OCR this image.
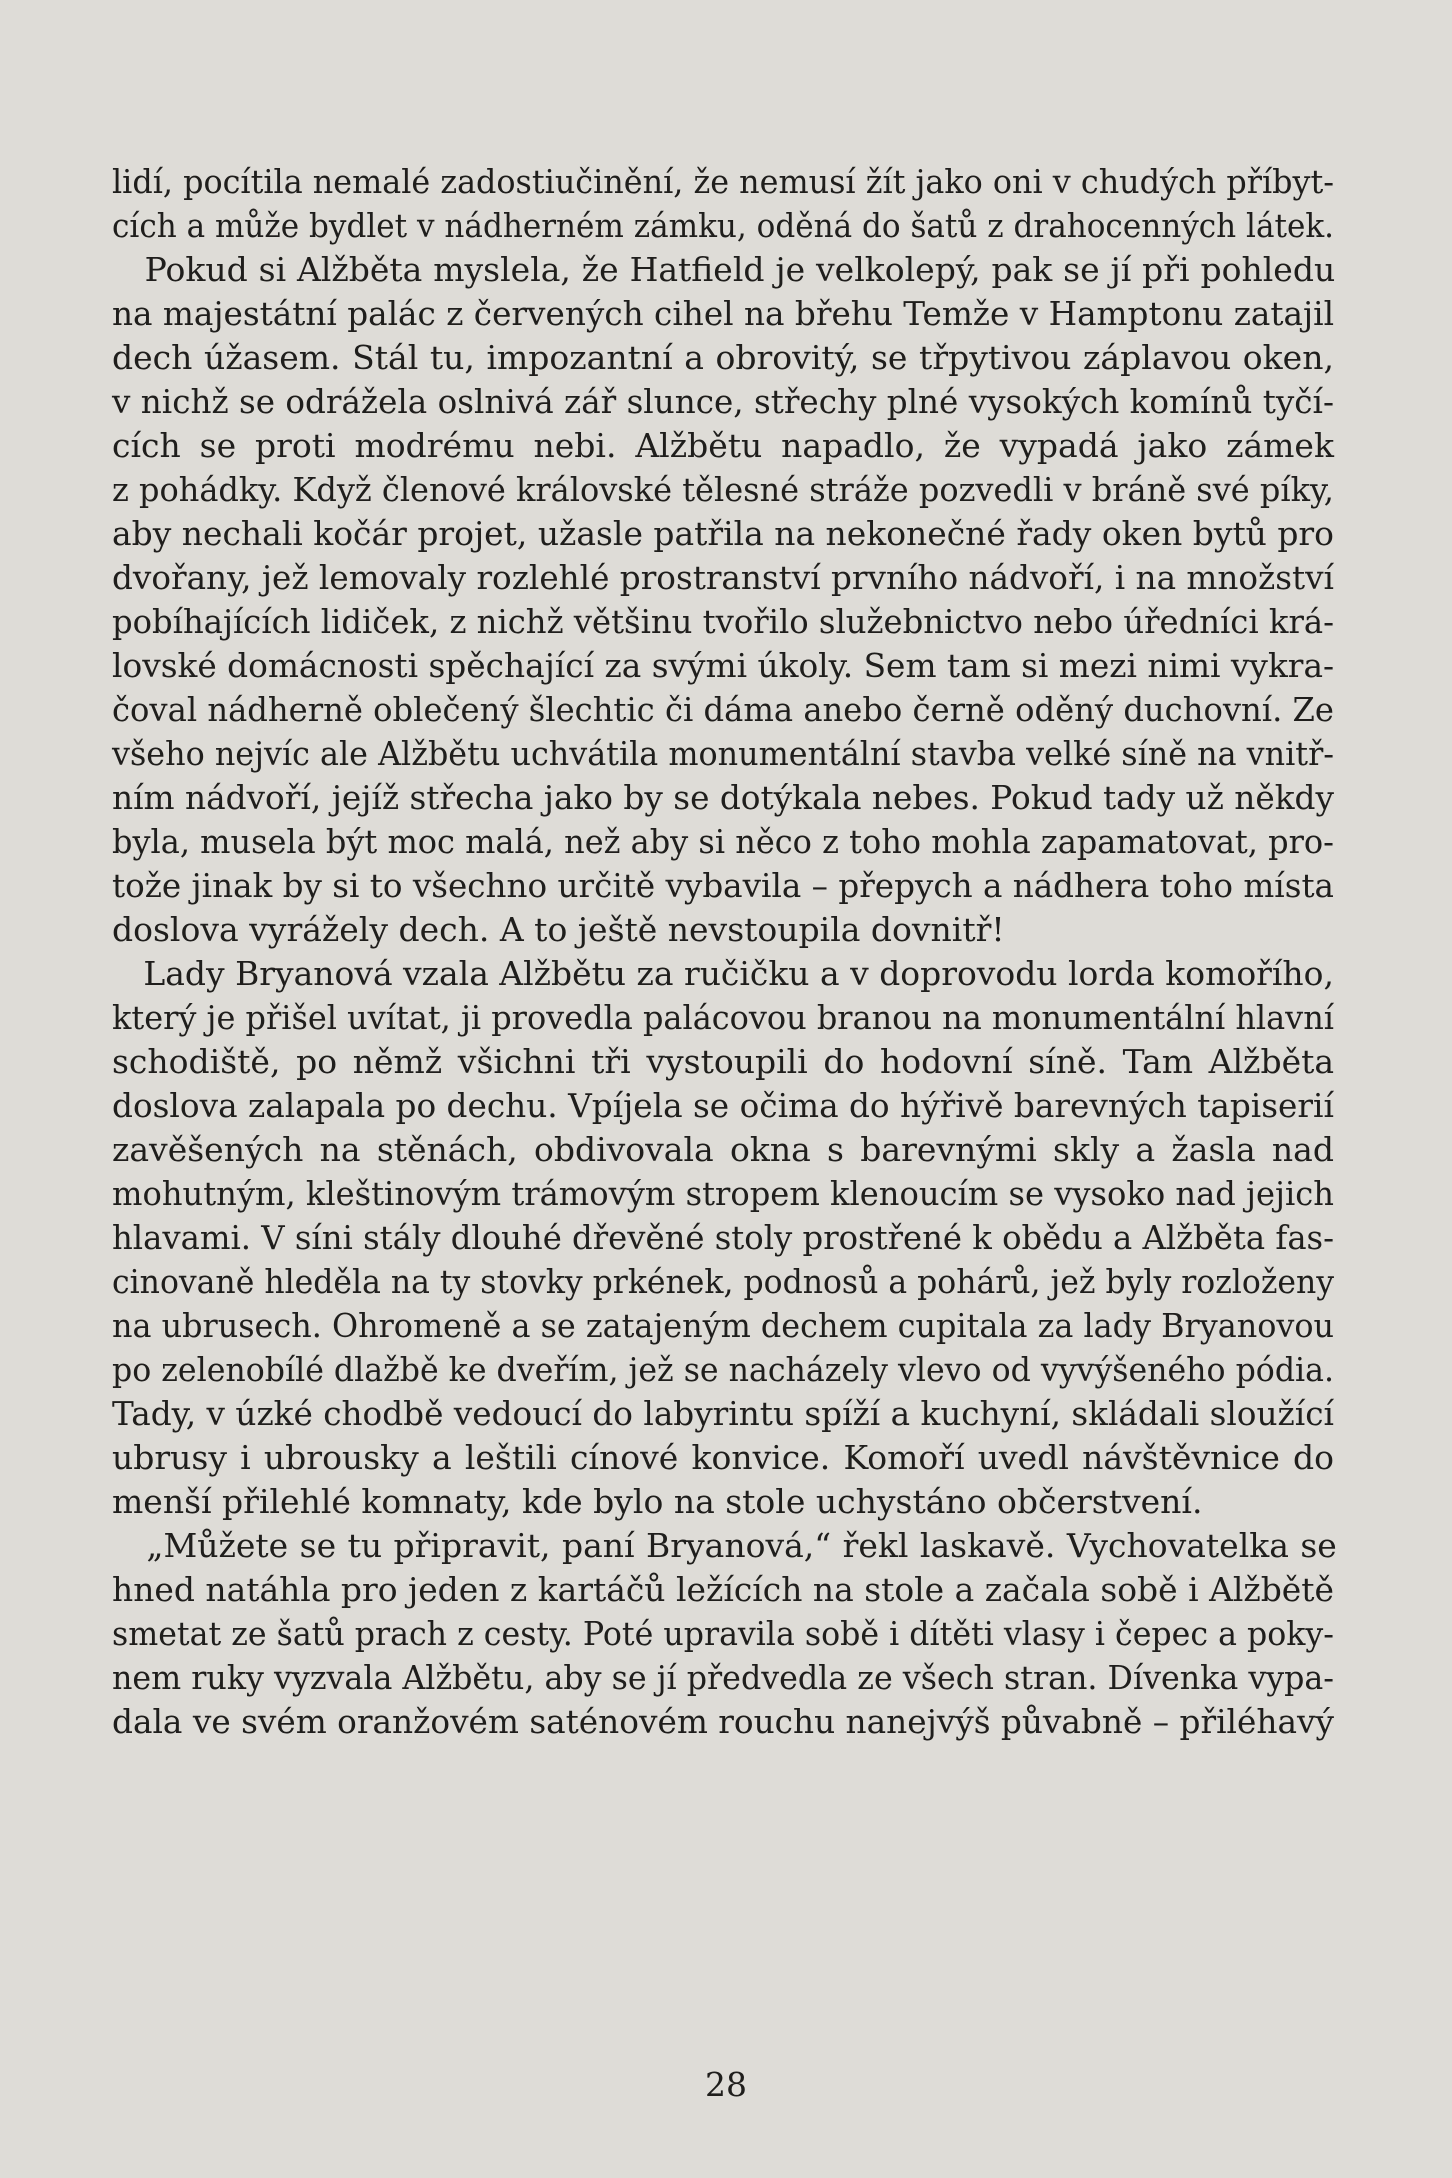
lidí, pocítila nemalé zadostiučinění, že nemusí žít jako oni v chudých příbyt-
cích a může bydlet v nádherném zámku, oděná do šatů z drahocenných látek.
Pokud si Alžběta myslela, že Hatfield je velkolepý, pak se jí při pohledu
na majestátní palác z červených cihel na břehu Temže v Hamptonu zatajil
dech úžasem. Stál tu, impozantní a obrovitý, se třpytivou záplavou oken,
v nichž se odrážela oslnivá zář slunce, střechy plné vysokých komínů tyčí-
cích se proti modrému nebi. Alžbětu napadlo, že vypadá jako zámek
z pohádky. Když členové královské tělesné stráže pozvedli v bráně své píky,
aby nechali kočár projet, užasle patřila na nekonečné řady oken bytů pro
dvořany, jež lemovaly rozlehlé prostranství prvního nádvoří, i na množství
pobíhajících lidiček, z nichž většinu tvořilo služebnictvo nebo úředníci krá-
lovské domácnosti spěchající za svými úkoly. Sem tam si mezi nimi vykra-
čoval nádherně oblečený šlechtic či dáma anebo černě oděný duchovní. Ze
všeho nejvíc ale Alžbětu uchvátila monumentální stavba velké síně na vnitř-
ním nádvoří, jejíž střecha jako by se dotýkala nebes. Pokud tady už někdy
byla, musela být moc malá, než aby si něco z toho mohla zapamatovat, pro-
tože jinak by si to všechno určitě vybavila – přepych a nádhera toho místa
doslova vyrážely dech. A to ještě nevstoupila dovnitř!
Lady Bryanová vzala Alžbětu za ručičku a v doprovodu lorda komořího,
který je přišel uvítat, ji provedla palácovou branou na monumentální hlavní
schodiště, po němž všichni tři vystoupili do hodovní síně. Tam Alžběta
doslova zalapala po dechu. Vpíjela se očima do hýřivě barevných tapiserií
zavěšených na stěnách, obdivovala okna s barevnými skly a žasla nad
mohutným, kleštinovým trámovým stropem klenoucím se vysoko nad jejich
hlavami. V síni stály dlouhé dřevěné stoly prostřené k obědu a Alžběta fas-
cinovaně hleděla na ty stovky prkének, podnosů a pohárů, jež byly rozloženy
na ubrusech. Ohromeně a se zatajeným dechem cupitala za lady Bryanovou
po zelenobílé dlažbě ke dveřím, jež se nacházely vlevo od vyvýšeného pódia.
Tady, v úzké chodbě vedoucí do labyrintu spíží a kuchyní, skládali sloužící
ubrusy i ubrousky a leštili cínové konvice. Komoří uvedl návštěvnice do
menší přilehlé komnaty, kde bylo na stole uchystáno občerstvení.
„Můžete se tu připravit, paní Bryanová,“ řekl laskavě. Vychovatelka se
hned natáhla pro jeden z kartáčů ležících na stole a začala sobě i Alžbětě
smetat ze šatů prach z cesty. Poté upravila sobě i dítěti vlasy i čepec a poky-
nem ruky vyzvala Alžbětu, aby se jí předvedla ze všech stran. Dívenka vypa-
dala ve svém oranžovém saténovém rouchu nanejvýš půvabně – přiléhavý
28
